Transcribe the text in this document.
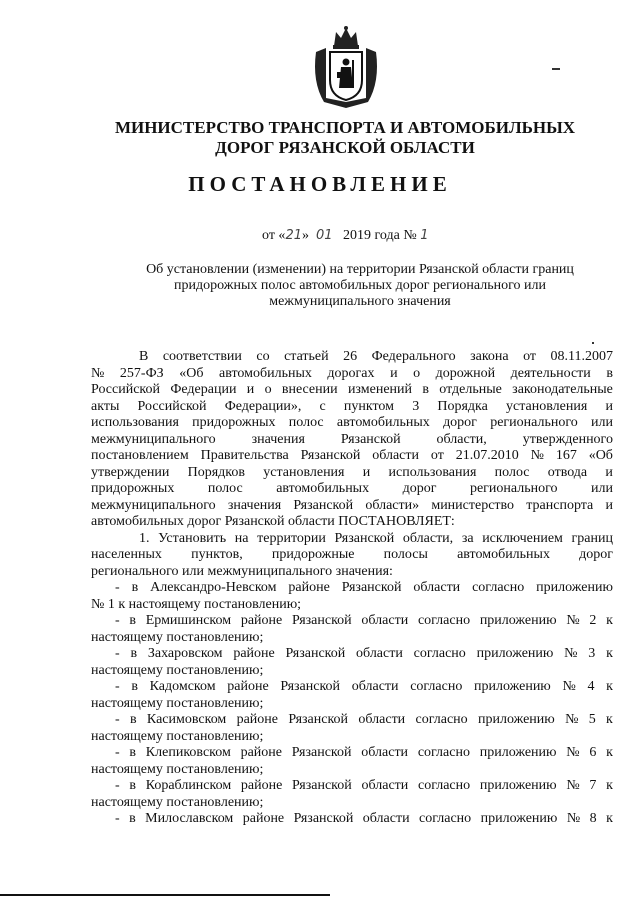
МИНИСТЕРСТВО ТРАНСПОРТА И АВТОМОБИЛЬНЫХ
ДОРОГ РЯЗАНСКОЙ ОБЛАСТИ
ПОСТАНОВЛЕНИЕ
от «21» 01 2019 года № 1
Об установлении (изменении) на территории Рязанской области границ
придорожных полос автомобильных дорог регионального или
межмуниципального значения
В соответствии со статьей 26 Федерального закона от 08.11.2007
№ 257-ФЗ «Об автомобильных дорогах и о дорожной деятельности в
Российской Федерации и о внесении изменений в отдельные законодательные
акты Российской Федерации», с пунктом 3 Порядка установления и
использования придорожных полос автомобильных дорог регионального или
межмуниципального	значения	Рязанской	области,	утвержденного
постановлением Правительства Рязанской области от 21.07.2010 № 167 «Об
утверждении Порядков установления и использования полос отвода и
придорожных полос автомобильных дорог регионального или
межмуниципального значения Рязанской области» министерство транспорта и
автомобильных дорог Рязанской области ПОСТАНОВЛЯЕТ:
1. Установить на территории Рязанской области, за исключением границ
населенных пунктов, придорожные полосы автомобильных дорог
регионального или межмуниципального значения:
- в Александро-Невском районе Рязанской области согласно приложению
№ 1 к настоящему постановлению;
- в Ермишинском районе Рязанской области согласно приложению № 2 к
настоящему постановлению;
- в Захаровском районе Рязанской области согласно приложению № 3 к
настоящему постановлению;
- в Кадомском районе Рязанской области согласно приложению № 4 к
настоящему постановлению;
- в Касимовском районе Рязанской области согласно приложению № 5 к
настоящему постановлению;
- в Клепиковском районе Рязанской области согласно приложению № 6 к
настоящему постановлению;
- в Кораблинском районе Рязанской области согласно приложению № 7 к
настоящему постановлению;
- в Милославском районе Рязанской области согласно приложению № 8 к
